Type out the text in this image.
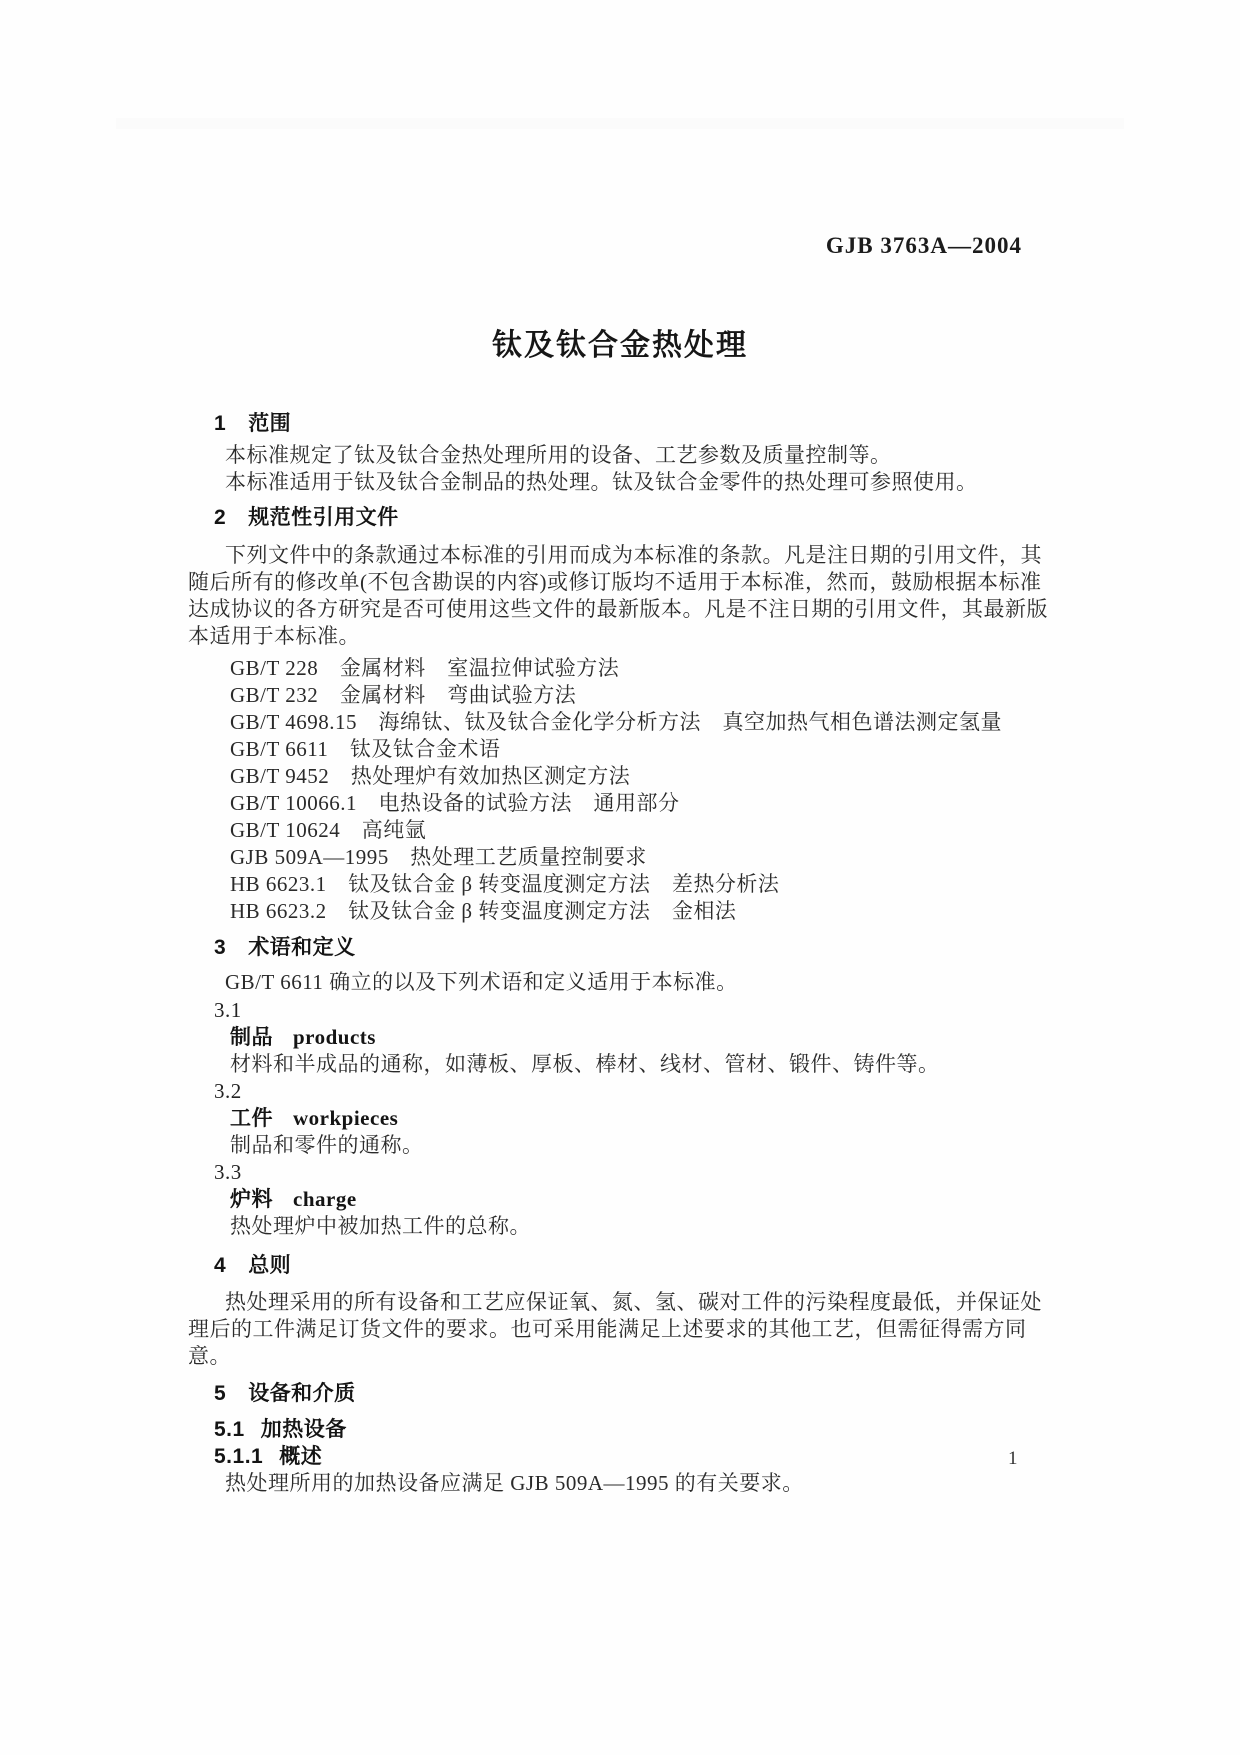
GJB 3763A—2004
钛及钛合金热处理
1 范围
本标准规定了钛及钛合金热处理所用的设备、工艺参数及质量控制等。
本标准适用于钛及钛合金制品的热处理。钛及钛合金零件的热处理可参照使用。
2 规范性引用文件
下列文件中的条款通过本标准的引用而成为本标准的条款。凡是注日期的引用文件，其随后所有的修改单(不包含勘误的内容)或修订版均不适用于本标准，然而，鼓励根据本标准达成协议的各方研究是否可使用这些文件的最新版本。凡是不注日期的引用文件，其最新版本适用于本标准。
GB/T 228　金属材料　室温拉伸试验方法
GB/T 232　金属材料　弯曲试验方法
GB/T 4698.15　海绵钛、钛及钛合金化学分析方法　真空加热气相色谱法测定氢量
GB/T 6611　钛及钛合金术语
GB/T 9452　热处理炉有效加热区测定方法
GB/T 10066.1　电热设备的试验方法　通用部分
GB/T 10624　高纯氩
GJB 509A—1995　热处理工艺质量控制要求
HB 6623.1　钛及钛合金 β 转变温度测定方法　差热分析法
HB 6623.2　钛及钛合金 β 转变温度测定方法　金相法
3 术语和定义
GB/T 6611 确立的以及下列术语和定义适用于本标准。
3.1
制品 products
材料和半成品的通称，如薄板、厚板、棒材、线材、管材、锻件、铸件等。
3.2
工件 workpieces
制品和零件的通称。
3.3
炉料 charge
热处理炉中被加热工件的总称。
4 总则
热处理采用的所有设备和工艺应保证氧、氮、氢、碳对工件的污染程度最低，并保证处理后的工件满足订货文件的要求。也可采用能满足上述要求的其他工艺，但需征得需方同意。
5 设备和介质
5.1 加热设备
5.1.1 概述
热处理所用的加热设备应满足 GJB 509A—1995 的有关要求。
1
